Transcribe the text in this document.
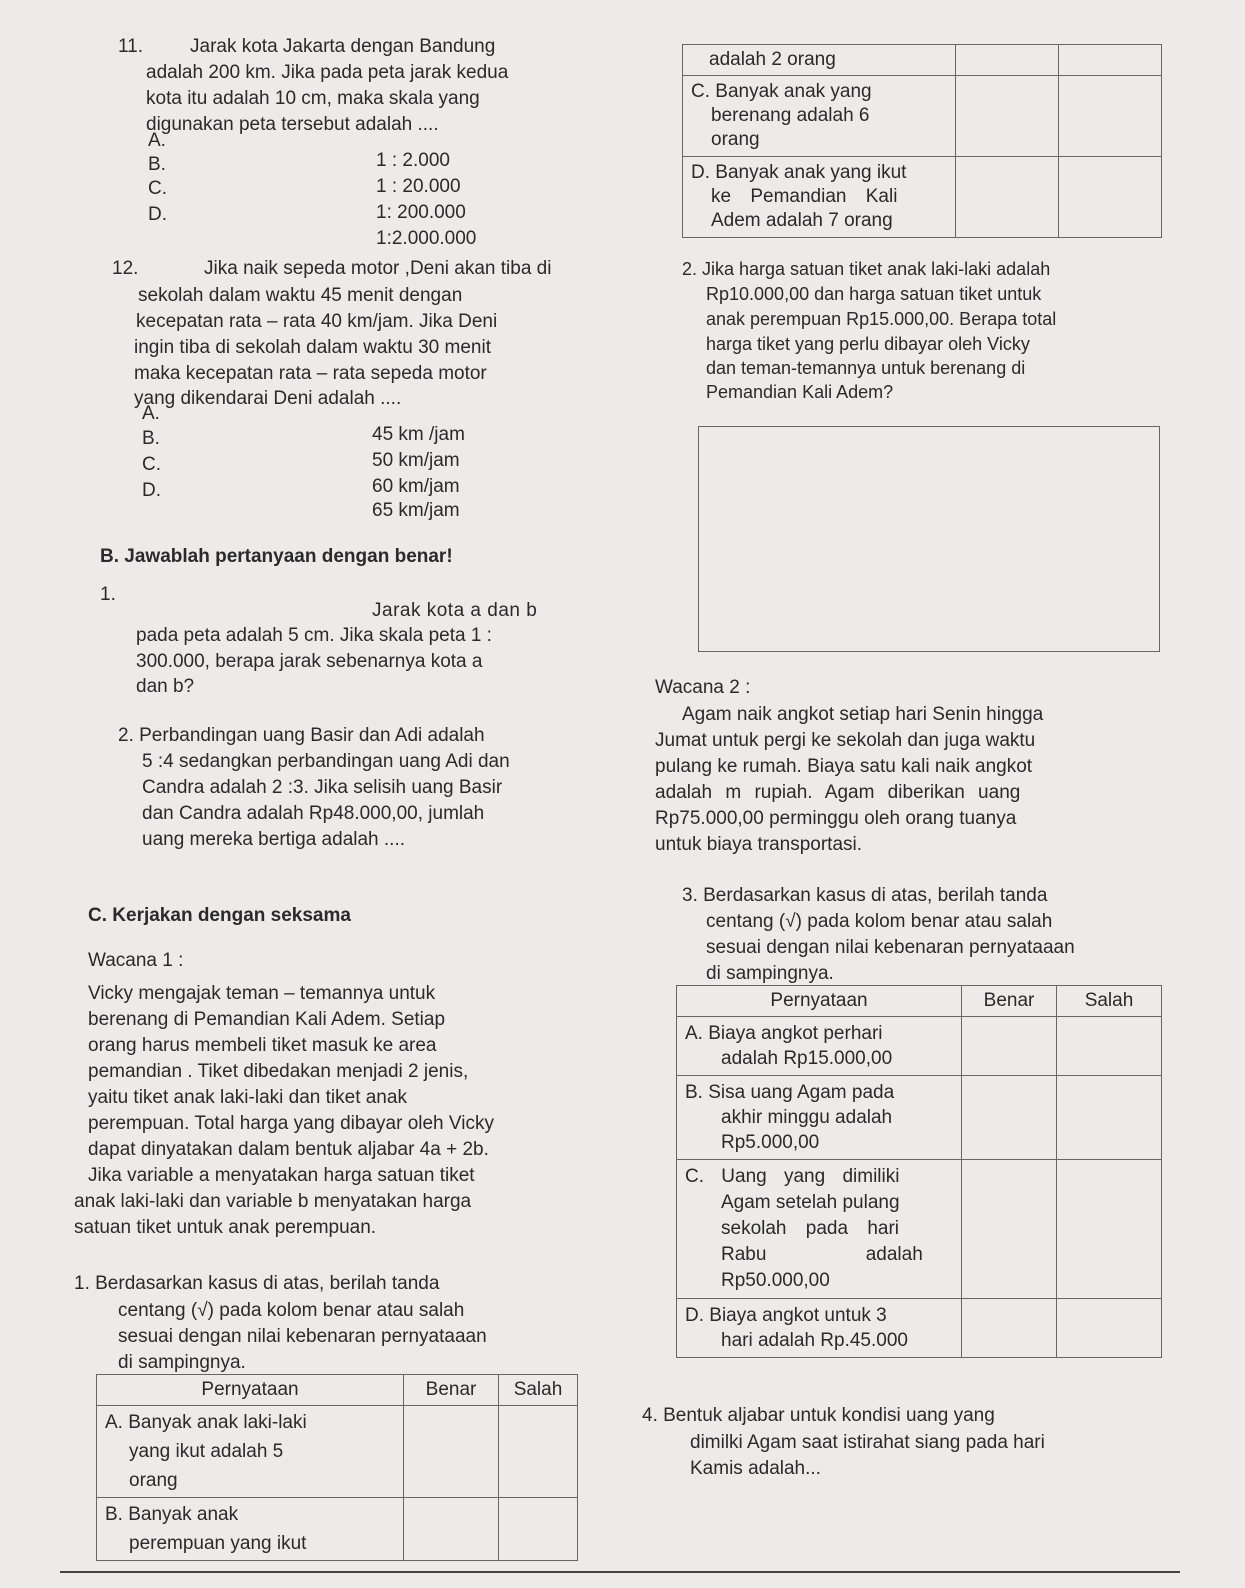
11. Jarak kota Jakarta dengan Bandung
adalah 200 km. Jika pada peta jarak kedua
kota itu adalah 10 cm, maka skala yang
digunakan peta tersebut adalah ....
A.
B.
C.
D.
1 : 2.000
1 : 20.000
1: 200.000
1:2.000.000
12.	Jika naik sepeda motor ,Deni akan tiba di
sekolah dalam waktu 45 menit dengan
kecepatan rata – rata 40 km/jam. Jika Deni
ingin tiba di sekolah dalam waktu 30 menit
maka kecepatan rata – rata sepeda motor
yang dikendarai Deni adalah ....
A.
B.
C.
D.
45 km /jam
50 km/jam
60 km/jam
65 km/jam
B. Jawablah pertanyaan dengan benar!
1.
Jarak kota a dan b
pada peta adalah 5 cm. Jika skala peta 1 :
300.000, berapa jarak sebenarnya kota a
dan b?
2. Perbandingan uang Basir dan Adi adalah
5 :4 sedangkan perbandingan uang Adi dan
Candra adalah 2 :3. Jika selisih uang Basir
dan Candra adalah Rp48.000,00, jumlah
uang mereka bertiga adalah ....
C. Kerjakan dengan seksama
Wacana 1 :
Vicky mengajak teman – temannya untuk
berenang di Pemandian Kali Adem. Setiap
orang harus membeli tiket masuk ke area
pemandian . Tiket dibedakan menjadi 2 jenis,
yaitu tiket anak laki-laki dan tiket anak
perempuan. Total harga yang dibayar oleh Vicky
dapat dinyatakan dalam bentuk aljabar 4a + 2b.
Jika variable a menyatakan harga satuan tiket
anak laki-laki dan variable b menyatakan harga
satuan tiket untuk anak perempuan.
1. Berdasarkan kasus di atas, berilah tanda
centang (√) pada kolom benar atau salah
sesuai dengan nilai kebenaran pernyataaan
di sampingnya.
Pernyataan	Benar	Salah

A. Banyak anak laki-laki
yang ikut adalah 5
orang		

B. Banyak anak
perempuan yang ikut		

adalah 2 orang		

C. Banyak anak yang
berenang adalah 6
orang		

D. Banyak anak yang ikut
ke Pemandian Kali
Adem adalah 7 orang		

2. Jika harga satuan tiket anak laki-laki adalah
Rp10.000,00 dan harga satuan tiket untuk
anak perempuan Rp15.000,00. Berapa total
harga tiket yang perlu dibayar oleh Vicky
dan teman-temannya untuk berenang di
Pemandian Kali Adem?
Wacana 2 :
Agam naik angkot setiap hari Senin hingga
Jumat untuk pergi ke sekolah dan juga waktu
pulang ke rumah. Biaya satu kali naik angkot
adalah m rupiah. Agam diberikan uang
Rp75.000,00 perminggu oleh orang tuanya
untuk biaya transportasi.
3. Berdasarkan kasus di atas, berilah tanda
centang (√) pada kolom benar atau salah
sesuai dengan nilai kebenaran pernyataaan
di sampingnya.
Pernyataan	Benar	Salah

A. Biaya angkot perhari
adalah Rp15.000,00		

B. Sisa uang Agam pada
akhir minggu adalah
Rp5.000,00		

C. Uang yang dimiliki
Agam setelah pulang
sekolah pada hari
Rabu adalah
Rp50.000,00		

D. Biaya angkot untuk 3
hari adalah Rp.45.000		

4. Bentuk aljabar untuk kondisi uang yang
dimilki Agam saat istirahat siang pada hari
Kamis adalah...
